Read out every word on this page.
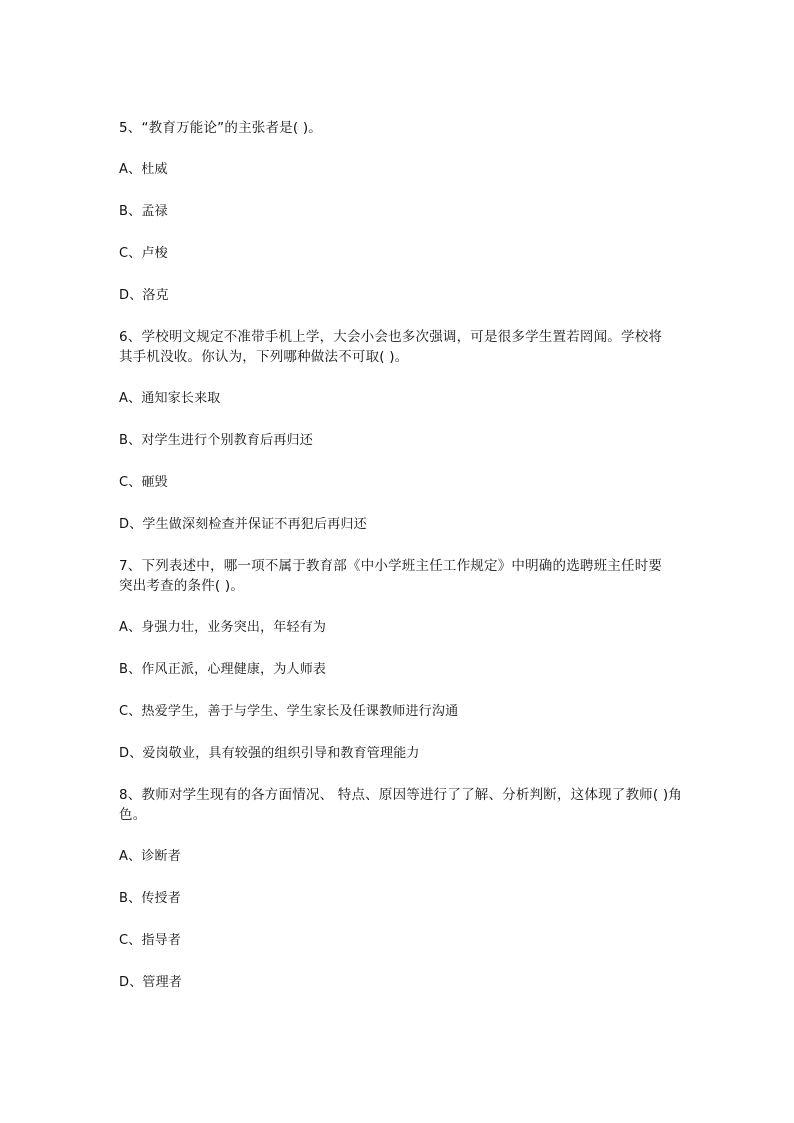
5、“教育万能论”的主张者是( )。
A、杜威
B、孟禄
C、卢梭
D、洛克
6、学校明文规定不准带手机上学，大会小会也多次强调，可是很多学生置若罔闻。学校将
其手机没收。你认为，下列哪种做法不可取( )。
A、通知家长来取
B、对学生进行个别教育后再归还
C、砸毁
D、学生做深刻检查并保证不再犯后再归还
7、下列表述中，哪一项不属于教育部《中小学班主任工作规定》中明确的选聘班主任时要
突出考查的条件( )。
A、身强力壮，业务突出，年轻有为
B、作风正派，心理健康，为人师表
C、热爱学生，善于与学生、学生家长及任课教师进行沟通
D、爱岗敬业，具有较强的组织引导和教育管理能力
8、教师对学生现有的各方面情况、 特点、原因等进行了了解、分析判断，这体现了教师( )角
色。
A、诊断者
B、传授者
C、指导者
D、管理者
